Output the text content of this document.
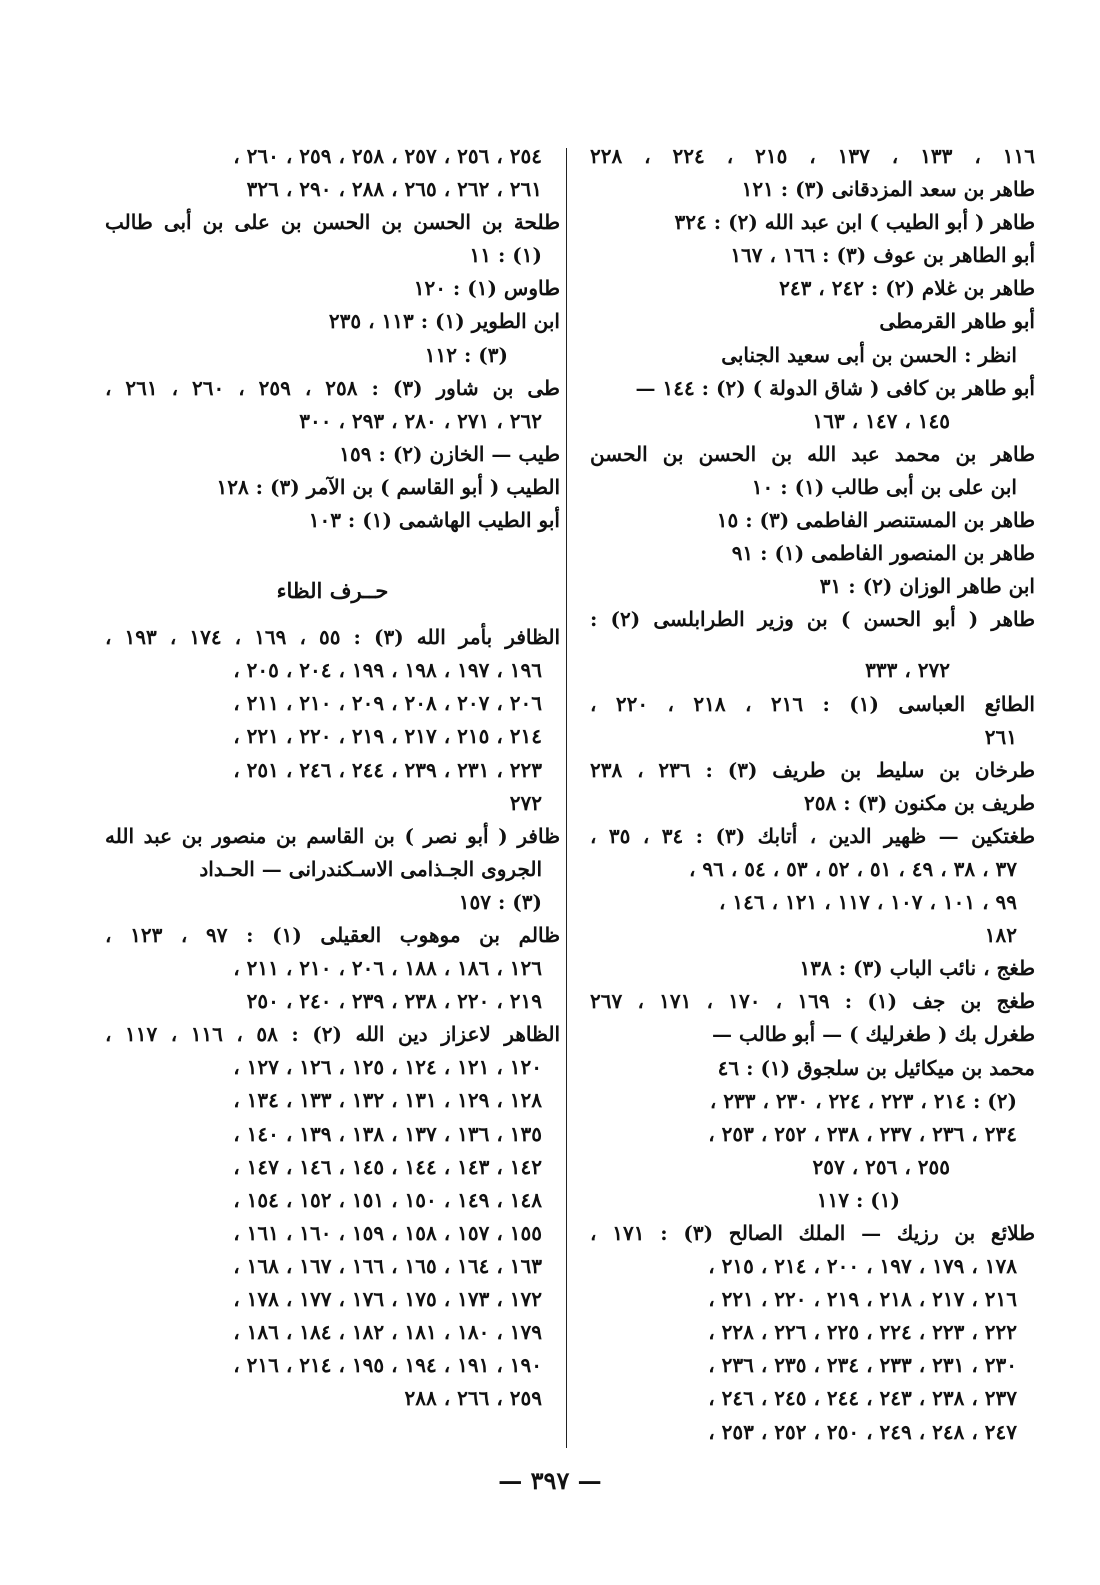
١١٦ ، ١٣٣ ، ١٣٧ ، ٢١٥ ، ٢٢٤ ، ٢٢٨
طاهر بن سعد المزدقانى (٣) : ١٢١
طاهر ( أبو الطيب ) ابن عبد الله (٢) : ٣٢٤
أبو الطاهر بن عوف (٣) : ١٦٦ ، ١٦٧
طاهر بن غلام (٢) : ٢٤٢ ، ٢٤٣
أبو طاهر القرمطى
انظر : الحسن بن أبى سعيد الجنابى
أبو طاهر بن كافى ( شاق الدولة ) (٢) : ١٤٤ —
١٤٥ ، ١٤٧ ، ١٦٣
طاهر بن محمد عبد الله بن الحسن بن الحسن
ابن على بن أبى طالب (١) : ١٠
طاهر بن المستنصر الفاطمى (٣) : ١٥
طاهر بن المنصور الفاطمى (١) : ٩١
ابن طاهر الوزان (٢) : ٣١
طاهر ( أبو الحسن ) بن وزير الطرابلسى (٢) :
٢٧٢ ، ٣٣٣
الطائع العباسى (١) : ٢١٦ ، ٢١٨ ، ٢٢٠ ،
٢٦١
طرخان بن سليط بن طريف (٣) : ٢٣٦ ، ٢٣٨
طريف بن مكنون (٣) : ٢٥٨
طغتكين — ظهير الدين ، أتابك (٣) : ٣٤ ، ٣٥ ،
٣٧ ، ٣٨ ، ٤٩ ، ٥١ ، ٥٢ ، ٥٣ ، ٥٤ ، ٩٦ ،
٩٩ ، ١٠١ ، ١٠٧ ، ١١٧ ، ١٢١ ، ١٤٦ ،
١٨٢
طغج ، نائب الباب (٣) : ١٣٨
طغج بن جف (١) : ١٦٩ ، ١٧٠ ، ١٧١ ، ٢٦٧
طغرل بك ( طغرليك ) — أبو طالب —
محمد بن ميكائيل بن سلجوق (١) : ٤٦
(٢) : ٢١٤ ، ٢٢٣ ، ٢٢٤ ، ٢٣٠ ، ٢٣٣ ،
٢٣٤ ، ٢٣٦ ، ٢٣٧ ، ٢٣٨ ، ٢٥٢ ، ٢٥٣ ،
٢٥٥ ، ٢٥٦ ، ٢٥٧
(١) : ١١٧
طلائع بن رزيك — الملك الصالح (٣) : ١٧١ ،
١٧٨ ، ١٧٩ ، ١٩٧ ، ٢٠٠ ، ٢١٤ ، ٢١٥ ،
٢١٦ ، ٢١٧ ، ٢١٨ ، ٢١٩ ، ٢٢٠ ، ٢٢١ ،
٢٢٢ ، ٢٢٣ ، ٢٢٤ ، ٢٢٥ ، ٢٢٦ ، ٢٢٨ ،
٢٣٠ ، ٢٣١ ، ٢٣٣ ، ٢٣٤ ، ٢٣٥ ، ٢٣٦ ،
٢٣٧ ، ٢٣٨ ، ٢٤٣ ، ٢٤٤ ، ٢٤٥ ، ٢٤٦ ،
٢٤٧ ، ٢٤٨ ، ٢٤٩ ، ٢٥٠ ، ٢٥٢ ، ٢٥٣ ،
٢٥٤ ، ٢٥٦ ، ٢٥٧ ، ٢٥٨ ، ٢٥٩ ، ٢٦٠ ،
٢٦١ ، ٢٦٢ ، ٢٦٥ ، ٢٨٨ ، ٢٩٠ ، ٣٢٦
طلحة بن الحسن بن الحسن بن على بن أبى طالب
(١) : ١١
طاوس (١) : ١٢٠
ابن الطوير (١) : ١١٣ ، ٢٣٥
(٣) : ١١٢
طى بن شاور (٣) : ٢٥٨ ، ٢٥٩ ، ٢٦٠ ، ٢٦١ ،
٢٦٢ ، ٢٧١ ، ٢٨٠ ، ٢٩٣ ، ٣٠٠
طيب — الخازن (٢) : ١٥٩
الطيب ( أبو القاسم ) بن الآمر (٣) : ١٢٨
أبو الطيب الهاشمى (١) : ١٠٣
حــرف الظاء
الظافر بأمر الله (٣) : ٥٥ ، ١٦٩ ، ١٧٤ ، ١٩٣ ،
١٩٦ ، ١٩٧ ، ١٩٨ ، ١٩٩ ، ٢٠٤ ، ٢٠٥ ،
٢٠٦ ، ٢٠٧ ، ٢٠٨ ، ٢٠٩ ، ٢١٠ ، ٢١١ ،
٢١٤ ، ٢١٥ ، ٢١٧ ، ٢١٩ ، ٢٢٠ ، ٢٢١ ،
٢٢٣ ، ٢٣١ ، ٢٣٩ ، ٢٤٤ ، ٢٤٦ ، ٢٥١ ،
٢٧٢
ظافر ( أبو نصر ) بن القاسم بن منصور بن عبد الله
الجروى الجـذامى الاسـكندرانى — الحـداد
(٣) : ١٥٧
ظالم بن موهوب العقيلى (١) : ٩٧ ، ١٢٣ ،
١٢٦ ، ١٨٦ ، ١٨٨ ، ٢٠٦ ، ٢١٠ ، ٢١١ ،
٢١٩ ، ٢٢٠ ، ٢٣٨ ، ٢٣٩ ، ٢٤٠ ، ٢٥٠
الظاهر لاعزاز دين الله (٢) : ٥٨ ، ١١٦ ، ١١٧ ،
١٢٠ ، ١٢١ ، ١٢٤ ، ١٢٥ ، ١٢٦ ، ١٢٧ ،
١٢٨ ، ١٢٩ ، ١٣١ ، ١٣٢ ، ١٣٣ ، ١٣٤ ،
١٣٥ ، ١٣٦ ، ١٣٧ ، ١٣٨ ، ١٣٩ ، ١٤٠ ،
١٤٢ ، ١٤٣ ، ١٤٤ ، ١٤٥ ، ١٤٦ ، ١٤٧ ،
١٤٨ ، ١٤٩ ، ١٥٠ ، ١٥١ ، ١٥٢ ، ١٥٤ ،
١٥٥ ، ١٥٧ ، ١٥٨ ، ١٥٩ ، ١٦٠ ، ١٦١ ،
١٦٣ ، ١٦٤ ، ١٦٥ ، ١٦٦ ، ١٦٧ ، ١٦٨ ،
١٧٢ ، ١٧٣ ، ١٧٥ ، ١٧٦ ، ١٧٧ ، ١٧٨ ،
١٧٩ ، ١٨٠ ، ١٨١ ، ١٨٢ ، ١٨٤ ، ١٨٦ ،
١٩٠ ، ١٩١ ، ١٩٤ ، ١٩٥ ، ٢١٤ ، ٢١٦ ،
٢٥٩ ، ٢٦٦ ، ٢٨٨
— ٣٩٧ —
